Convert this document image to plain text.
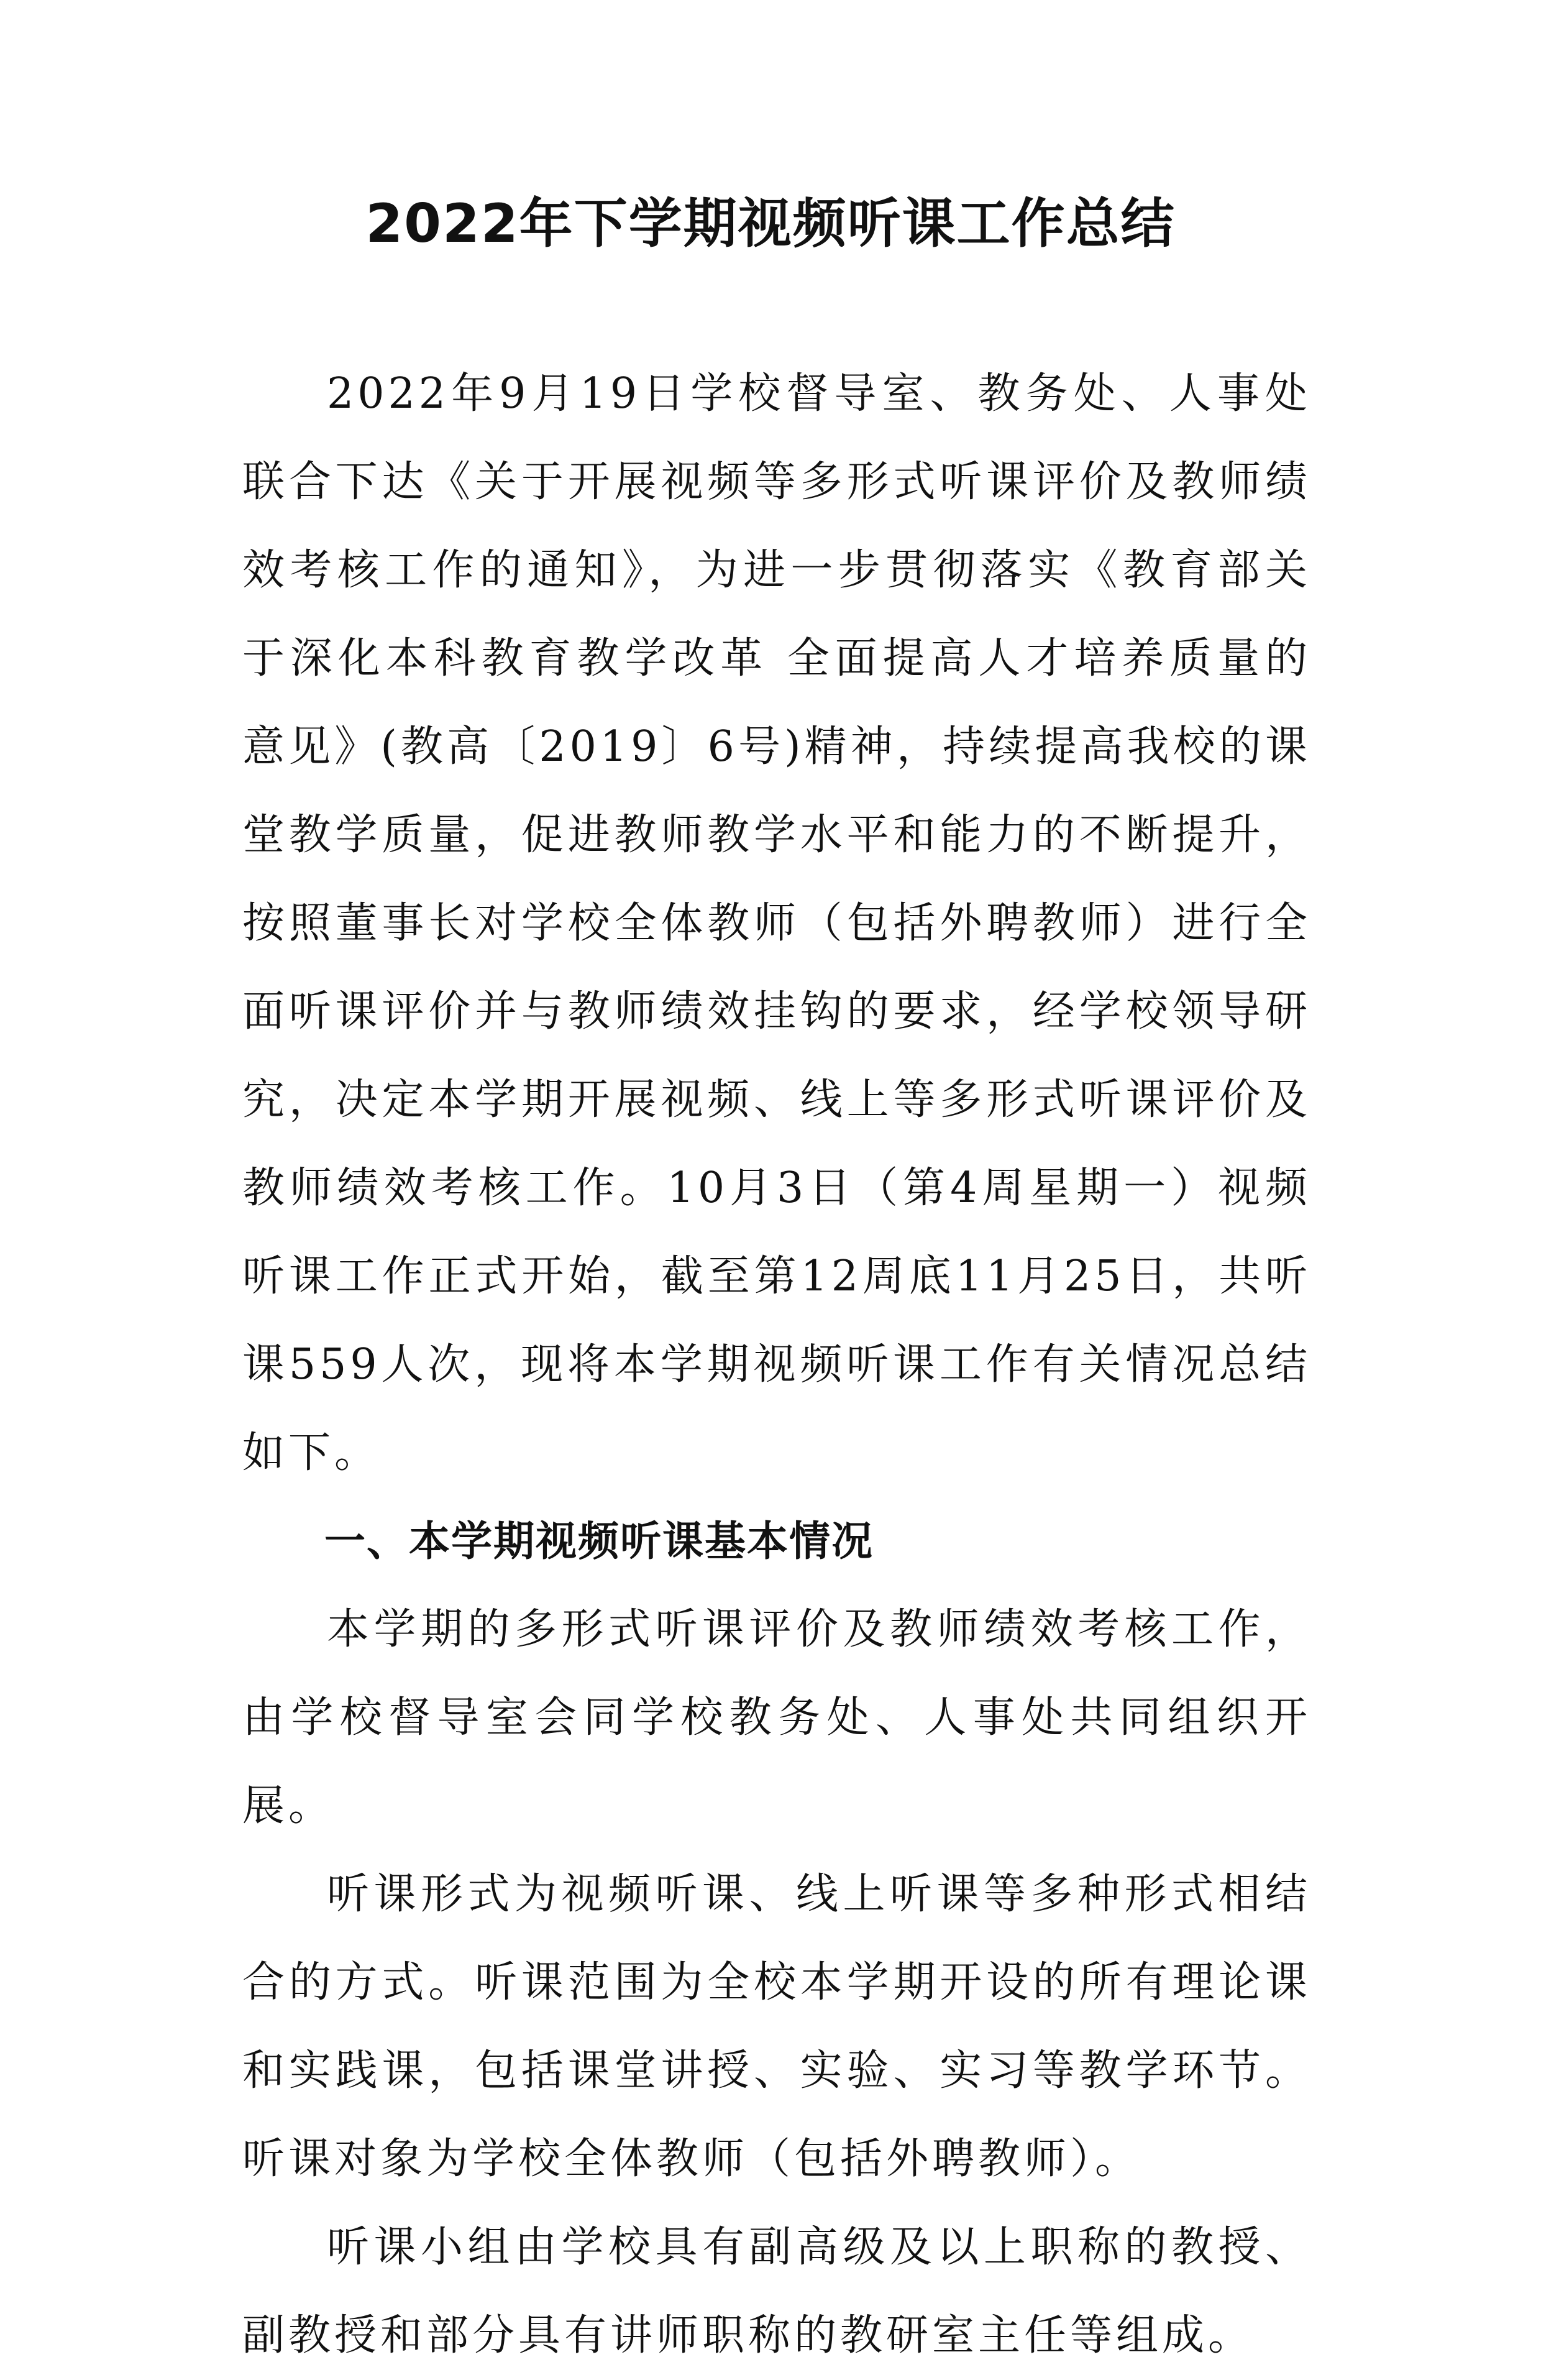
2022年下学期视频听课工作总结

2022年9月19日学校督导室、教务处、人事处联合下达《关于开展视频等多形式听课评价及教师绩效考核工作的通知》，为进一步贯彻落实《教育部关于深化本科教育教学改革 全面提高人才培养质量的意见》(教高〔2019〕6号)精神，持续提高我校的课堂教学质量，促进教师教学水平和能力的不断提升，按照董事长对学校全体教师（包括外聘教师）进行全面听课评价并与教师绩效挂钩的要求，经学校领导研究，决定本学期开展视频、线上等多形式听课评价及教师绩效考核工作。10月3日（第4周星期一）视频听课工作正式开始，截至第12周底11月25日，共听课559人次，现将本学期视频听课工作有关情况总结如下。

一、本学期视频听课基本情况

本学期的多形式听课评价及教师绩效考核工作，由学校督导室会同学校教务处、人事处共同组织开展。

听课形式为视频听课、线上听课等多种形式相结合的方式。听课范围为全校本学期开设的所有理论课和实践课，包括课堂讲授、实验、实习等教学环节。听课对象为学校全体教师（包括外聘教师）。

听课小组由学校具有副高级及以上职称的教授、副教授和部分具有讲师职称的教研室主任等组成。
